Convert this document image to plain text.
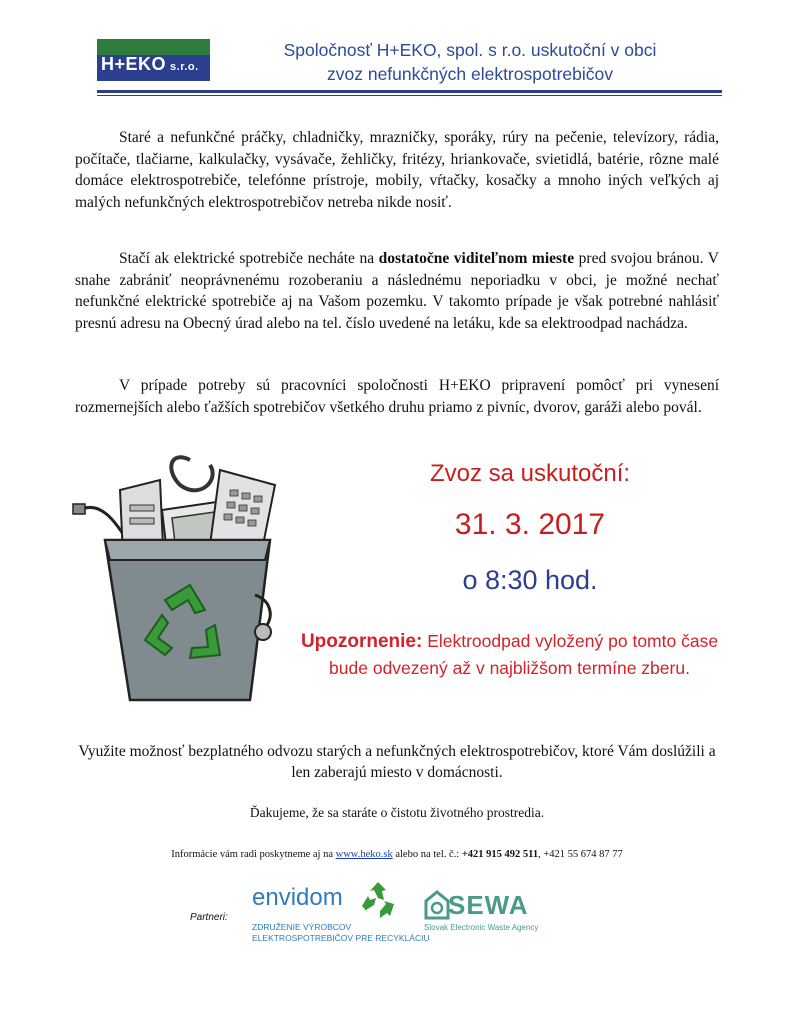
H+EKO s.r.o.
Spoločnosť H+EKO, spol. s r.o. uskutoční v obci
zvoz nefunkčných elektrospotrebičov
Staré a nefunkčné práčky, chladničky, mrazničky, sporáky, rúry na pečenie, televízory, rádia, počítače, tlačiarne, kalkulačky, vysávače, žehličky, fritézy, hriankovače, svietidlá, batérie, rôzne malé domáce elektrospotrebiče, telefónne prístroje, mobily, vŕtačky, kosačky a mnoho iných veľkých aj malých nefunkčných elektrospotrebičov netreba nikde nosiť.
Stačí ak elektrické spotrebiče necháte na dostatočne viditeľnom mieste pred svojou bránou. V snahe zabrániť neoprávnenému rozoberaniu a následnému neporiadku v obci, je možné nechať nefunkčné elektrické spotrebiče aj na Vašom pozemku. V takomto prípade je však potrebné nahlásiť presnú adresu na Obecný úrad alebo na tel. číslo uvedené na letáku, kde sa elektroodpad nachádza.
V prípade potreby sú pracovníci spoločnosti H+EKO pripravení pomôcť pri vynesení rozmernejších alebo ťažších spotrebičov všetkého druhu priamo z pivníc, dvorov, garáži alebo povál.
Zvoz sa uskutoční:
31. 3. 2017
o 8:30 hod.
Upozornenie: Elektroodpad vyložený po tomto čase bude odvezený až v najbližšom termíne zberu.
Využite možnosť bezplatného odvozu starých a nefunkčných elektrospotrebičov, ktoré Vám doslúžili a len zaberajú miesto v domácnosti.
Ďakujeme, že sa staráte o čistotu životného prostredia.
Informácie vám radi poskytneme aj na www.heko.sk alebo na tel. č.: +421 915 492 511, +421 55 674 87 77
Partneri:
envidom
ZDRUŽENIE VÝROBCOV
ELEKTROSPOTREBIČOV PRE RECYKLÁCIU
SEWA
Slovak Electronic Waste Agency
